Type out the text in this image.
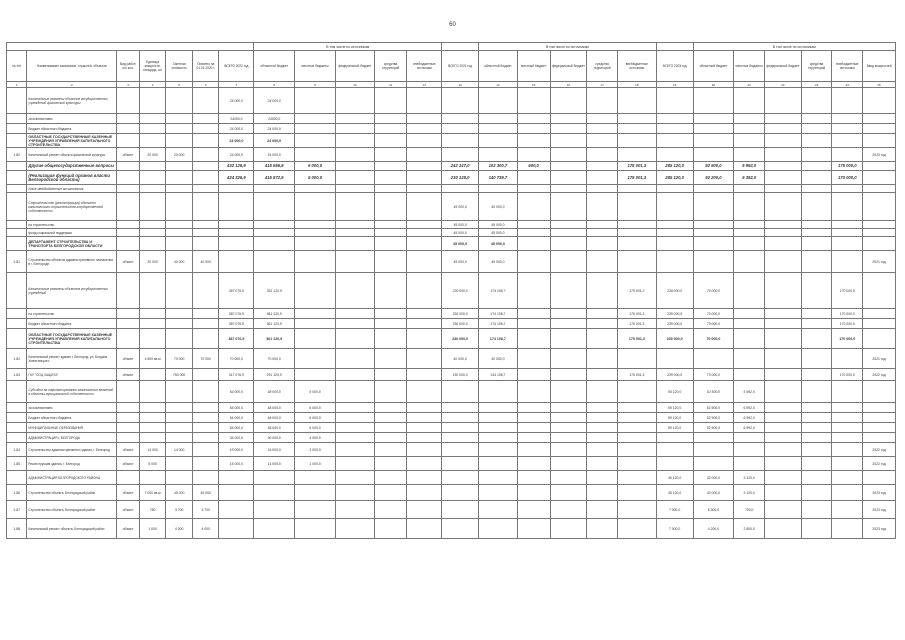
60
							В том числе по источникам						В том числе по источникам						В том числе по источникам					
№ п/п	Наименование заказчиков, отраслей, объектов	Вид работ/ого кол-	Единица мощности, площадь, шт	Сметная стоимость	Освоено на 01.01.2020 г.	ВСЕГО 2022 год	областной бюджет	местные бюджеты	федеральный бюджет	средства территорий	внебюджетные источники	ВСЕГО 2021 год	областной бюджет	местный бюджет	федеральный бюджет	средства территорий	внебюджетные источники	ВСЕГО 2023 год	областной бюджет	местные бюджеты	федеральный бюджет	средства территорий	внебюджетные источники	Ввод мощностей
1	2	3	4	5	6	7	8	9	10	11	12	13	14	15	16	17	18	19	20	21	22	23	24	25
	Капитальные ремонты объектов государственных учреждений физической культуры					24 000,0	24 000,0																	
	за исключением					24000,0	24000,0																	
	Бюджет областного бюджета					24 000,0	24 000,0																	
	ОБЛАСТНЫЕ ГОСУДАРСТВЕННЫЕ КАЗЕННЫЕ УЧРЕЖДЕНИЯ УПРАВЛЕНИЯ КАПИТАЛЬНОГО СТРОИТЕЛЬСТВА					24 000,0	24 000,0																	
1.80	Капитальный ремонт объекта физической культуры	объект	20 000	20 000		24 000,0	24 000,0																	2023 год
	Другие общегосударственные вопросы					432 126,9	415 556,9	6 000,0				242 147,0	102 300,7	600,0			175 001,3	285 120,0	92 500,0	6 992,0			175 000,0	
	(Реализация функций органов власти Белгородской области)					424 326,9	415 572,9	5 000,0				230 128,0	140 739,7				175 001,3	285 120,0	92 200,0	6 392,0			170 000,0	
	Иные межбюджетные ассигнования																							
	Строительство (реконструкция) объектов капитального строительства государственной собственности											45 000,0	45 000,0											
	на строительство											45 000,0	45 000,0											
	фонд социальной поддержки											45 000,0	45 000,0											
	ДЕПАРТАМЕНТ СТРОИТЕЛЬСТВА И ТРАНСПОРТА БЕЛГОРОДСКОЙ ОБЛАСТИ											45 000,0	45 000,0											
1.81	Строительство объектов административного назначения в г. Белгороде	объект	20 000	40 000	40 000							45 000,0	45 000,0											2021 год
	Капитальные ремонты объектов государственных учреждений					387 076,9	361 120,9					230 000,0	174 108,7				175 001,3	239 000,0	70 000,0				170 000,0	
	на строительство					387 076,9	361 120,9					230 000,0	174 108,7				175 001,3	239 000,0	70 000,0				170 000,0	
	Бюджет областного бюджета					387 076,9	361 120,9					230 000,0	174 108,7				175 001,3	239 000,0	70 000,0				170 000,0	
	ОБЛАСТНЫЕ ГОСУДАРСТВЕННЫЕ КАЗЕННЫЕ УЧРЕЖДЕНИЯ УПРАВЛЕНИЯ КАПИТАЛЬНОГО СТРОИТЕЛЬСТВА					387 076,9	361 120,9					230 000,0	174 108,7				175 001,3	239 000,0	70 000,0				170 000,0	
1.82	Капитальный ремонт здания г. Белгород, ул. Богдана Хмельницкого	объект	4 500 кв.м	70 000	70 000	70 000,0	70 000,0					40 000,0	40 000,0											2021 год
1.83	ГКУ "СОЦ ЗАЩИТА"	объект		750 000		317 076,9	291 120,9					190 000,0	134 108,7				175 001,3	239 000,0	70 000,0				170 000,0	2022 год
	Субсидии на софинансирование капитальных вложений в объекты муниципальной собственности					54 000,0	48 000,0	6 000,0										59 120,0	52 500,0	6 992,0				
	за исключением					54 000,0	48 000,0	6 000,0										59 120,0	52 500,0	6 992,0				
	Бюджет областного бюджета					54 000,0	48 000,0	6 000,0										59 120,0	52 500,0	6 992,0				
	МУНИЦИПАЛЬНЫЕ ОБРАЗОВАНИЯ					54 000,0	48 000,0	6 000,0										59 120,0	52 500,0	6 992,0				
	АДМИНИСТРАЦИЯ г. БЕЛГОРОДА					34 000,0	30 000,0	4 000,0																
1.84	Строительство административного здания, г. Белгород	объект	14 000	14 000		19 000,0	16 000,0	3 000,0																2022 год
1.85	Реконструкция здания, г. Белгород	объект	5 000			15 000,0	14 000,0	1 000,0																2022 год
	АДМИНИСТРАЦИЯ БЕЛГОРОДСКОГО РАЙОНА																	45 120,0	42 000,0	3 120,0				
1.86	Строительство объекта, Белгородский район	объект	7 000 кв.м	45 000	45 000													45 120,0	42 000,0	3 120,0				2023 год
1.87	Строительство объекта, Белгородский район	объект	750	3 700	3 700													7 000,0	6 300,0	700,0				2023 год
1.88	Капитальный ремонт объекта, Белгородский район	объект	1 000	4 000	4 000													7 000,0	4 200,0	2 800,0				2023 год
